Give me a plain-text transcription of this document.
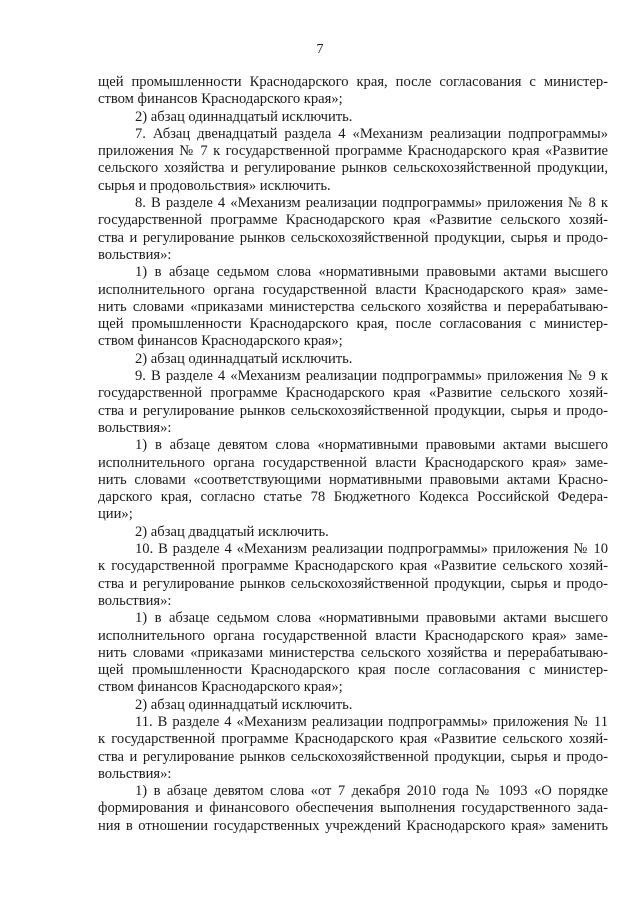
7
щей промышленности Краснодарского края, после согласования с министер-
ством финансов Краснодарского края»;
2) абзац одиннадцатый исключить.
7. Абзац двенадцатый раздела 4 «Механизм реализации подпрограммы»
приложения № 7 к государственной программе Краснодарского края «Развитие
сельского хозяйства и регулирование рынков сельскохозяйственной продукции,
сырья и продовольствия» исключить.
8. В разделе 4 «Механизм реализации подпрограммы» приложения № 8 к
государственной программе Краснодарского края «Развитие сельского хозяй-
ства и регулирование рынков сельскохозяйственной продукции, сырья и продо-
вольствия»:
1) в абзаце седьмом слова «нормативными правовыми актами высшего
исполнительного органа государственной власти Краснодарского края» заме-
нить словами «приказами министерства сельского хозяйства и перерабатываю-
щей промышленности Краснодарского края, после согласования с министер-
ством финансов Краснодарского края»;
2) абзац одиннадцатый исключить.
9. В разделе 4 «Механизм реализации подпрограммы» приложения № 9 к
государственной программе Краснодарского края «Развитие сельского хозяй-
ства и регулирование рынков сельскохозяйственной продукции, сырья и продо-
вольствия»:
1) в абзаце девятом слова «нормативными правовыми актами высшего
исполнительного органа государственной власти Краснодарского края» заме-
нить словами «соответствующими нормативными правовыми актами Красно-
дарского края, согласно статье 78 Бюджетного Кодекса Российской Федера-
ции»;
2) абзац двадцатый исключить.
10. В разделе 4 «Механизм реализации подпрограммы» приложения № 10
к государственной программе Краснодарского края «Развитие сельского хозяй-
ства и регулирование рынков сельскохозяйственной продукции, сырья и продо-
вольствия»:
1) в абзаце седьмом слова «нормативными правовыми актами высшего
исполнительного органа государственной власти Краснодарского края» заме-
нить словами «приказами министерства сельского хозяйства и перерабатываю-
щей промышленности Краснодарского края после согласования с министер-
ством финансов Краснодарского края»;
2) абзац одиннадцатый исключить.
11. В разделе 4 «Механизм реализации подпрограммы» приложения № 11
к государственной программе Краснодарского края «Развитие сельского хозяй-
ства и регулирование рынков сельскохозяйственной продукции, сырья и продо-
вольствия»:
1) в абзаце девятом слова «от 7 декабря 2010 года № 1093 «О порядке
формирования и финансового обеспечения выполнения государственного зада-
ния в отношении государственных учреждений Краснодарского края» заменить
